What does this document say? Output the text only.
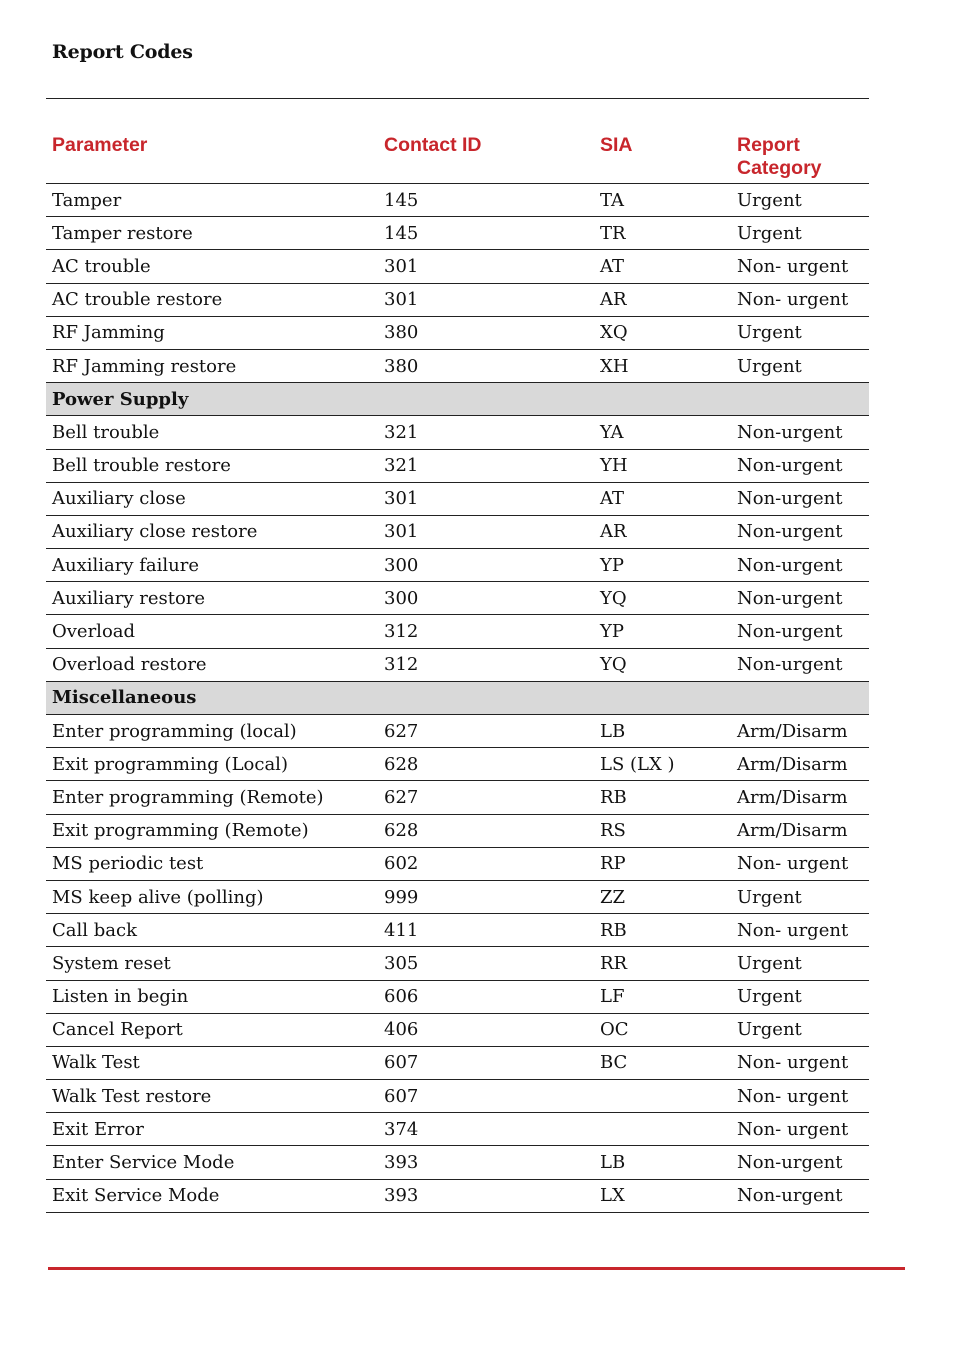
Report Codes
Parameter	Contact ID	SIA	Report
Category
Tamper	145	TA	Urgent
Tamper restore	145	TR	Urgent
AC trouble	301	AT	Non- urgent
AC trouble restore	301	AR	Non- urgent
RF Jamming	380	XQ	Urgent
RF Jamming restore	380	XH	Urgent
Power Supply			
Bell trouble	321	YA	Non-urgent
Bell trouble restore	321	YH	Non-urgent
Auxiliary close	301	AT	Non-urgent
Auxiliary close restore	301	AR	Non-urgent
Auxiliary failure	300	YP	Non-urgent
Auxiliary restore	300	YQ	Non-urgent
Overload	312	YP	Non-urgent
Overload restore	312	YQ	Non-urgent
Miscellaneous			
Enter programming (local)	627	LB	Arm/Disarm
Exit programming (Local)	628	LS (LX )	Arm/Disarm
Enter programming (Remote)	627	RB	Arm/Disarm
Exit programming (Remote)	628	RS	Arm/Disarm
MS periodic test	602	RP	Non- urgent
MS keep alive (polling)	999	ZZ	Urgent
Call back	411	RB	Non- urgent
System reset	305	RR	Urgent
Listen in begin	606	LF	Urgent
Cancel Report	406	OC	Urgent
Walk Test	607	BC	Non- urgent
Walk Test restore	607		Non- urgent
Exit Error	374		Non- urgent
Enter Service Mode	393	LB	Non-urgent
Exit Service Mode	393	LX	Non-urgent
